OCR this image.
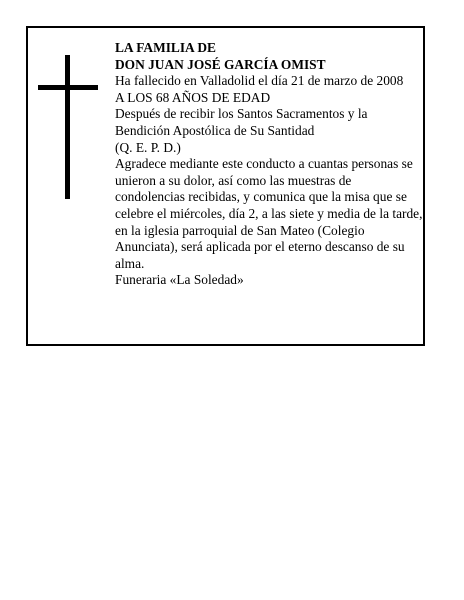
LA FAMILIA DE

DON JUAN JOSÉ GARCÍA OMIST

Ha fallecido en Valladolid el día 21 de marzo de 2008

A LOS 68 AÑOS DE EDAD

Después de recibir los Santos Sacramentos y la Bendición Apostólica de Su Santidad

(Q. E. P. D.)

Agradece mediante este conducto a cuantas personas se unieron a su dolor, así como las muestras de condolencias recibidas, y comunica que la misa que se celebre el miércoles, día 2, a las siete y media de la tarde, en la iglesia parroquial de San Mateo (Colegio Anunciata), será aplicada por el eterno descanso de su alma.

Funeraria «La Soledad»
